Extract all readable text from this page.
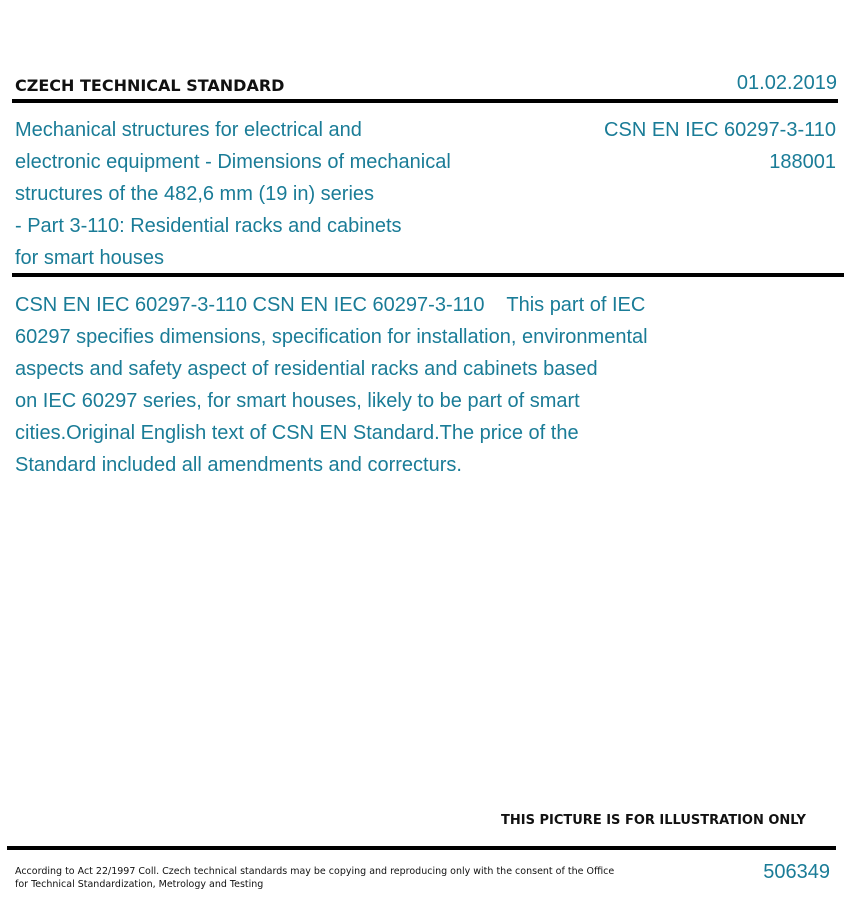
CZECH TECHNICAL STANDARD	01.02.2019
Mechanical structures for electrical and
electronic equipment - Dimensions of mechanical
structures of the 482,6 mm (19 in) series
- Part 3-110: Residential racks and cabinets
for smart houses
CSN EN IEC 60297-3-110
188001
CSN EN IEC 60297-3-110 CSN EN IEC 60297-3-110    This part of IEC
60297 specifies dimensions, specification for installation, environmental
aspects and safety aspect of residential racks and cabinets based
on IEC 60297 series, for smart houses, likely to be part of smart
cities.Original English text of CSN EN Standard.The price of the
Standard included all amendments and correcturs.
THIS PICTURE IS FOR ILLUSTRATION ONLY
According to Act 22/1997 Coll. Czech technical standards may be copying and reproducing only with the consent of the Office
for Technical Standardization, Metrology and Testing
506349
